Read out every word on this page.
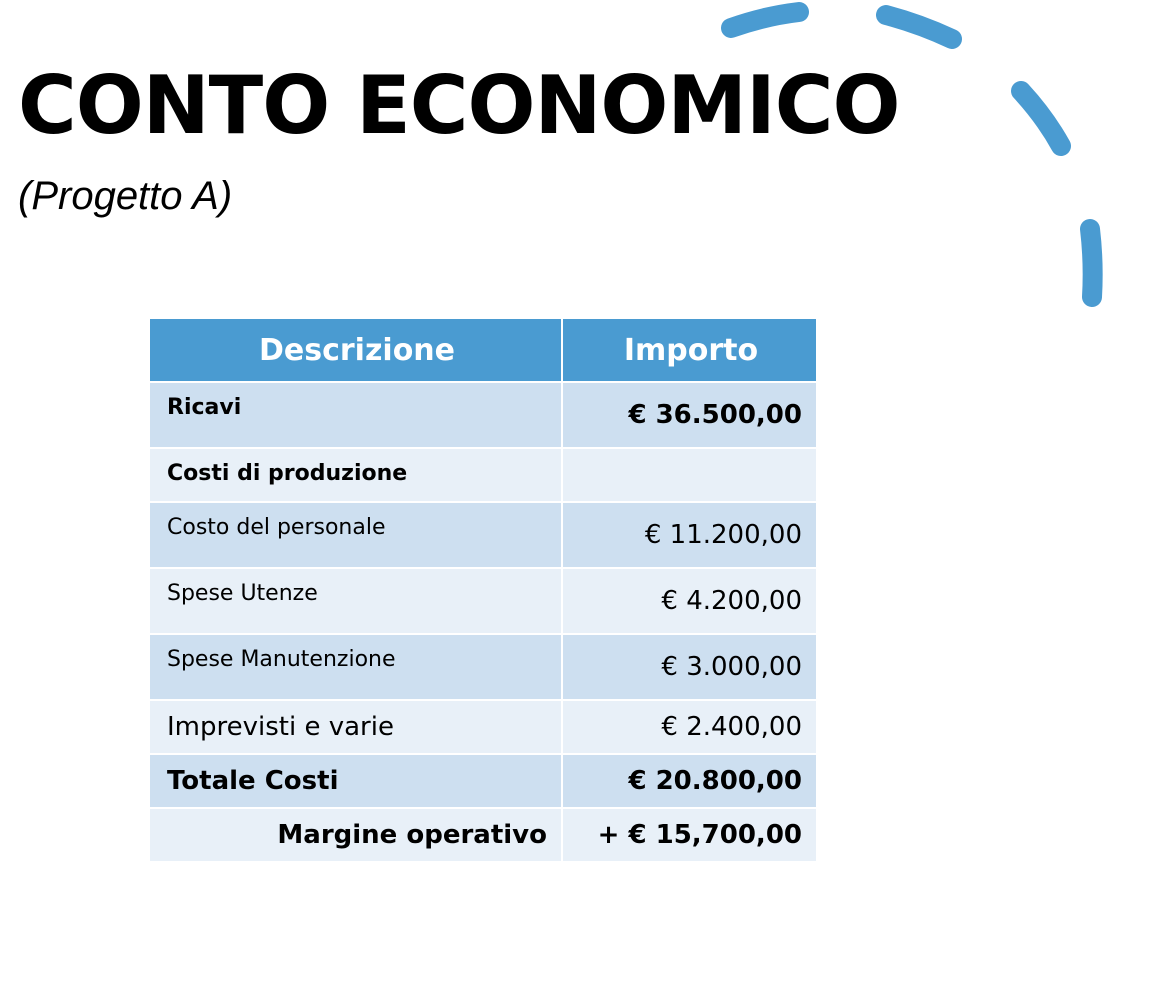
CONTO ECONOMICO

(Progetto A)

Descrizione	Importo
Ricavi	€ 36.500,00
Costi di produzione	
Costo del personale	€ 11.200,00
Spese Utenze	€ 4.200,00
Spese Manutenzione	€ 3.000,00
Imprevisti e varie	€ 2.400,00
Totale Costi	€ 20.800,00
Margine operativo	+ € 15,700,00
